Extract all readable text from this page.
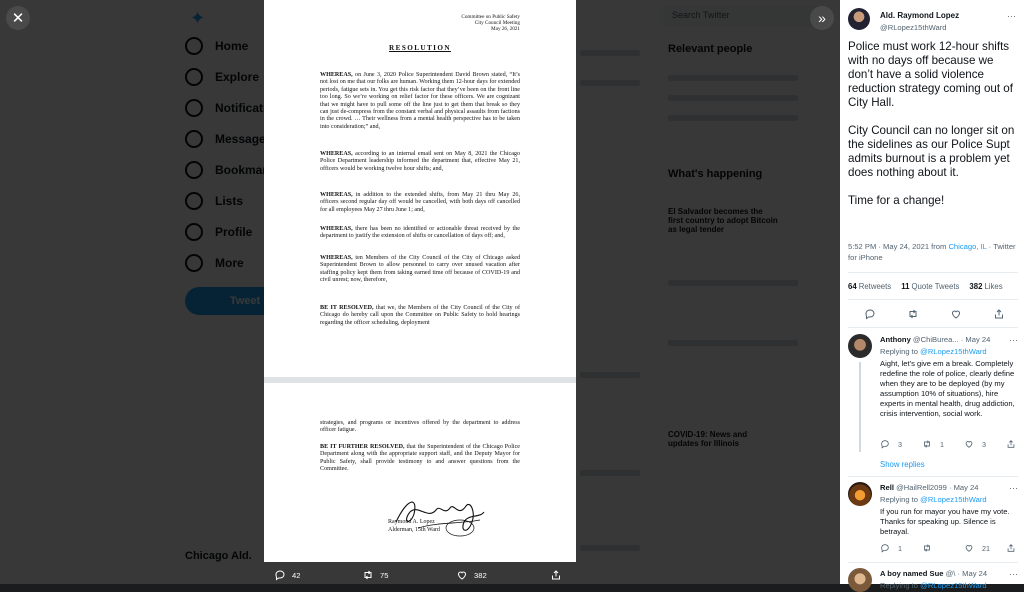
✕	»
Committee on Public Safety
City Council Meeting
May 26, 2021
RESOLUTION
WHEREAS, on June 3, 2020 Police Superintendent David Brown stated, “It’s not lost on me that our folks are human. Working them 12-hour days for extended periods, fatigue sets in. You get this risk factor that they’ve been on the front line too long. So we’re working on relief factor for these officers. We are cognizant that we might have to pull some off the line just to get them that break so they can just de-compress from the constant verbal and physical assaults from factions in the crowd. … Their wellness from a mental health perspective has to be taken into consideration;” and,
WHEREAS, according to an internal email sent on May 8, 2021 the Chicago Police Department leadership informed the department that, effective May 21, officers would be working twelve hour shifts; and,
WHEREAS, in addition to the extended shifts, from May 21 thru May 26, officers second regular day off would be cancelled, with both days off cancelled for all employees May 27 thru June 1; and,
WHEREAS, there has been no identified or actionable threat received by the department to justify the extension of shifts or cancellation of days off; and,
WHEREAS, ten Members of the City Council of the City of Chicago asked Superintendent Brown to allow personnel to carry over unused vacation after staffing policy kept them from taking earned time off because of COVID-19 and civil unrest; now, therefore,
BE IT RESOLVED, that we, the Members of the City Council of the City of Chicago do hereby call upon the Committee on Public Safety to hold hearings regarding the officer scheduling, deployment
strategies, and programs or incentives offered by the department to address officer fatigue.
BE IT FURTHER RESOLVED, that the Superintendent of the Chicago Police Department along with the appropriate support staff, and the Deputy Mayor for Public Safety, shall provide testimony to and answer questions from the Committee.
Raymond A. Lopez
Alderman, 15th Ward
42	75	382
Ald. Raymond Lopez
@RLopez15thWard
···
Police must work 12-hour shifts with no days off because we don’t have a solid violence reduction strategy coming out of City Hall.

City Council can no longer sit on the sidelines as our Police Supt admits burnout is a problem yet does nothing about it.

Time for a change!
5:52 PM · May 24, 2021 from Chicago, IL · Twitter for iPhone
64 Retweets 11 Quote Tweets 382 Likes
Anthony @ChiBurea... · May 24 ···
Replying to @RLopez15thWard
Aight, let’s give em a break. Completely redefine the role of police, clearly define when they are to be deployed (by my assumption 10% of situations), hire experts in mental health, drug addiction, crisis intervention, social work.
3	1	3
Show replies
Rell @HailRell2099 · May 24	···
Replying to @RLopez15thWard
If you run for mayor you have my vote. Thanks for speaking up. Silence is betrayal.
1	21
A boy named Sue @\ · May 24 ···
Replying to @RLopez15thWard
